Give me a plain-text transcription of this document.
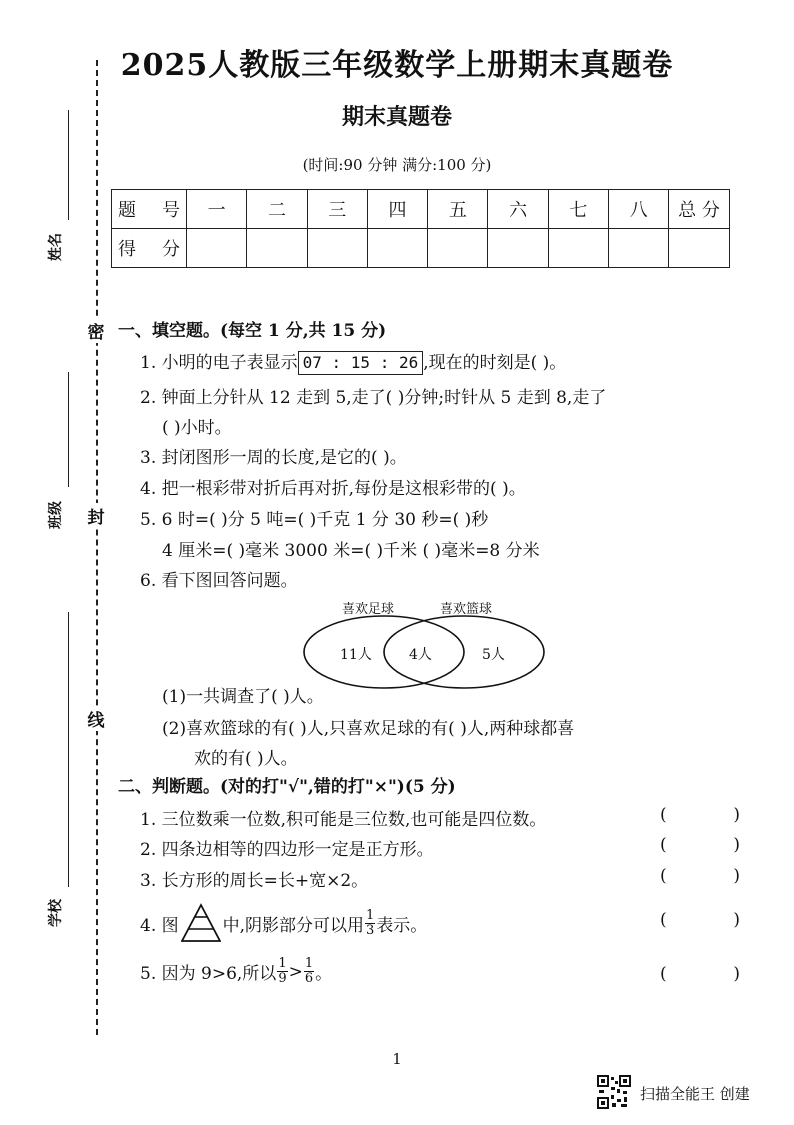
姓名
班级
学校
密
封
线
2025人教版三年级数学上册期末真题卷
期末真题卷
(时间:90 分钟 满分:100 分)
题 号	一	二	三	四	五	六	七	八	总 分
得 分									
一、填空题。(每空 1 分,共 15 分)
1. 小明的电子表显示 07 : 15 : 26 ,现在的时刻是( )。
2. 钟面上分针从 12 走到 5,走了( )分钟;时针从 5 走到 8,走了
( )小时。
3. 封闭图形一周的长度,是它的( )。
4. 把一根彩带对折后再对折,每份是这根彩带的( )。
5. 6 时=( )分 5 吨=( )千克 1 分 30 秒=( )秒
4 厘米=( )毫米 3000 米=( )千米 ( )毫米=8 分米
6. 看下图回答问题。
喜欢足球	喜欢篮球
11人	4人	5人
(1)一共调查了( )人。
(2)喜欢篮球的有( )人,只喜欢足球的有( )人,两种球都喜
欢的有( )人。
二、判断题。(对的打"√",错的打"×")(5 分)
1. 三位数乘一位数,积可能是三位数,也可能是四位数。	(	)
2. 四条边相等的四边形一定是正方形。	(	)
3. 长方形的周长=长+宽×2。	(	)
4. 图	中,阴影部分可以用 $\frac{1}{3}$ 表示。	(	)
5. 因为 9>6,所以 $\frac{1}{9} > \frac{1}{6}$ 。	(	)
1
扫描全能王 创建
